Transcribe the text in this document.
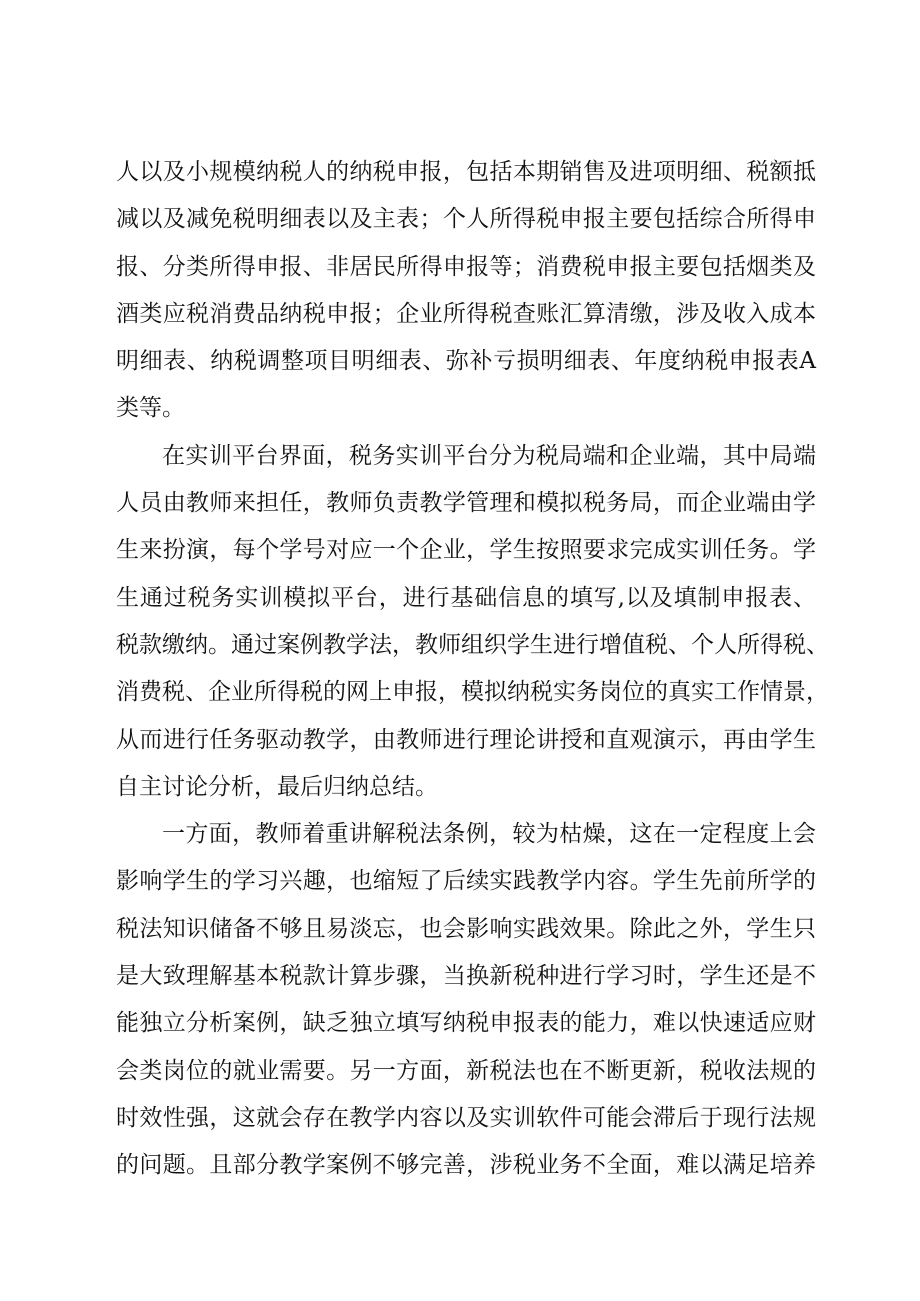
人以及小规模纳税人的纳税申报，包括本期销售及进项明细、税额抵
减以及减免税明细表以及主表；个人所得税申报主要包括综合所得申
报、分类所得申报、非居民所得申报等；消费税申报主要包括烟类及
酒类应税消费品纳税申报；企业所得税查账汇算清缴，涉及收入成本
明细表、纳税调整项目明细表、弥补亏损明细表、年度纳税申报表A
类等。
在实训平台界面，税务实训平台分为税局端和企业端，其中局端
人员由教师来担任，教师负责教学管理和模拟税务局，而企业端由学
生来扮演，每个学号对应一个企业，学生按照要求完成实训任务。学
生通过税务实训模拟平台，进行基础信息的填写,以及填制申报表、
税款缴纳。通过案例教学法，教师组织学生进行增值税、个人所得税、
消费税、企业所得税的网上申报，模拟纳税实务岗位的真实工作情景，
从而进行任务驱动教学，由教师进行理论讲授和直观演示，再由学生
自主讨论分析，最后归纳总结。
一方面，教师着重讲解税法条例，较为枯燥，这在一定程度上会
影响学生的学习兴趣，也缩短了后续实践教学内容。学生先前所学的
税法知识储备不够且易淡忘，也会影响实践效果。除此之外，学生只
是大致理解基本税款计算步骤，当换新税种进行学习时，学生还是不
能独立分析案例，缺乏独立填写纳税申报表的能力，难以快速适应财
会类岗位的就业需要。另一方面，新税法也在不断更新，税收法规的
时效性强，这就会存在教学内容以及实训软件可能会滞后于现行法规
的问题。且部分教学案例不够完善，涉税业务不全面，难以满足培养
